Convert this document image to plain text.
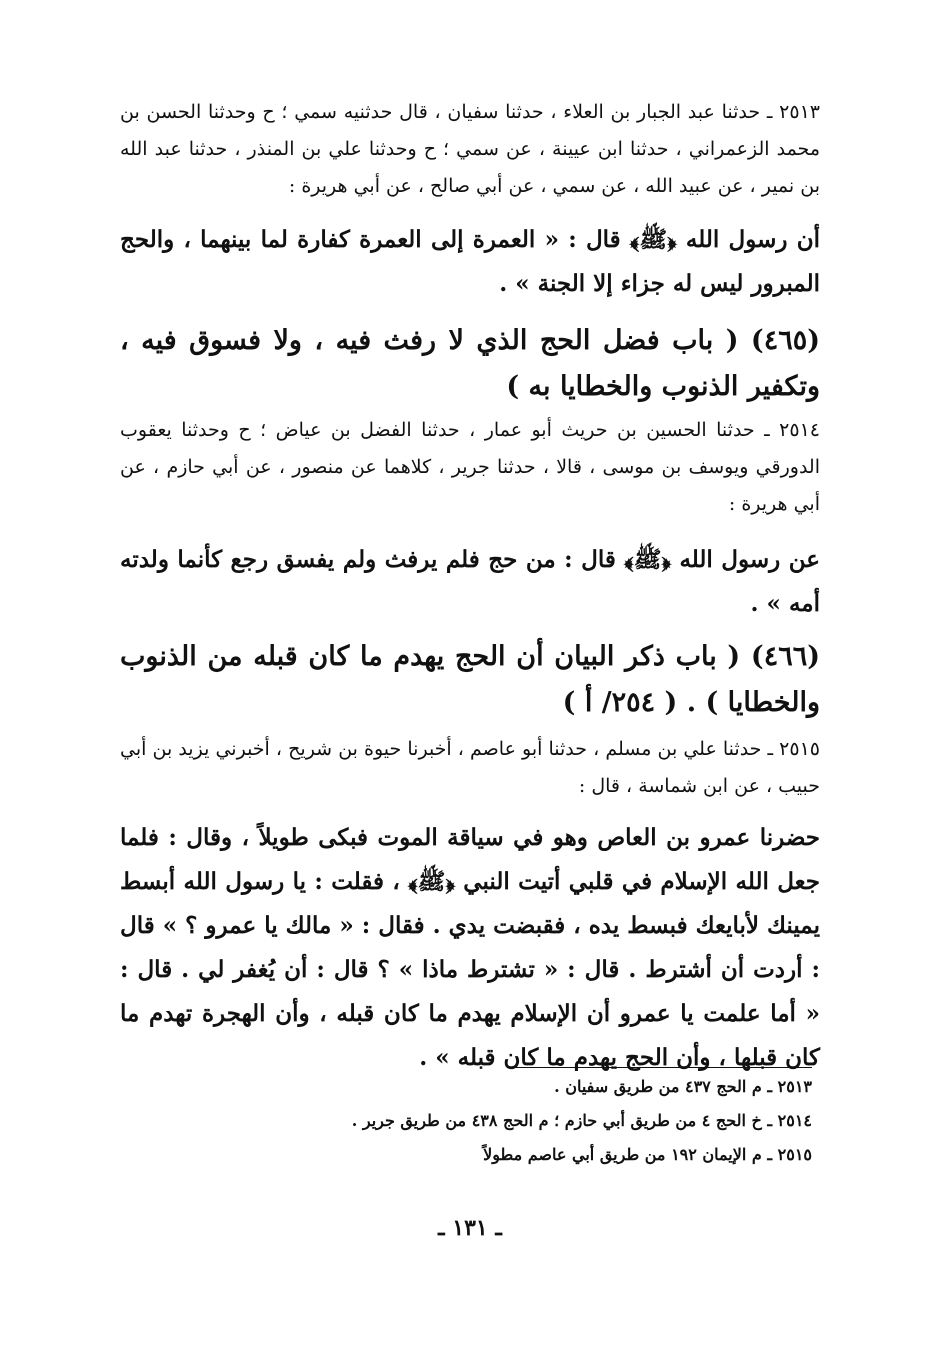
٢٥١٣ ـ حدثنا عبد الجبار بن العلاء ، حدثنا سفيان ، قال حدثنيه سمي ؛ ح وحدثنا الحسن بن محمد الزعمراني ، حدثنا ابن عيينة ، عن سمي ؛ ح وحدثنا علي بن المنذر ، حدثنا عبد الله بن نمير ، عن عبيد الله ، عن سمي ، عن أبي صالح ، عن أبي هريرة :

أن رسول الله ﴿ﷺ﴾ قال : « العمرة إلى العمرة كفارة لما بينهما ، والحج المبرور ليس له جزاء إلا الجنة » .

(٤٦٥) ( باب فضل الحج الذي لا رفث فيه ، ولا فسوق فيه ، وتكفير الذنوب والخطايا به )

٢٥١٤ ـ حدثنا الحسين بن حريث أبو عمار ، حدثنا الفضل بن عياض ؛ ح وحدثنا يعقوب الدورقي ويوسف بن موسى ، قالا ، حدثنا جرير ، كلاهما عن منصور ، عن أبي حازم ، عن أبي هريرة :

عن رسول الله ﴿ﷺ﴾ قال : من حج فلم يرفث ولم يفسق رجع كأنما ولدته أمه » .

(٤٦٦) ( باب ذكر البيان أن الحج يهدم ما كان قبله من الذنوب والخطايا ) . ( ٢٥٤/ أ )

٢٥١٥ ـ حدثنا علي بن مسلم ، حدثنا أبو عاصم ، أخبرنا حيوة بن شريح ، أخبرني يزيد بن أبي حبيب ، عن ابن شماسة ، قال :

حضرنا عمرو بن العاص وهو في سياقة الموت فبكى طويلاً ، وقال : فلما جعل الله الإسلام في قلبي أتيت النبي ﴿ﷺ﴾ ، فقلت : يا رسول الله أبسط يمينك لأبايعك فبسط يده ، فقبضت يدي . فقال : « مالك يا عمرو ؟ » قال : أردت أن أشترط . قال : « تشترط ماذا » ؟ قال : أن يُغفر لي . قال : « أما علمت يا عمرو أن الإسلام يهدم ما كان قبله ، وأن الهجرة تهدم ما كان قبلها ، وأن الحج يهدم ما كان قبله » .

٢٥١٣ ـ م الحج ٤٣٧ من طريق سفيان .
٢٥١٤ ـ خ الحج ٤ من طريق أبي حازم ؛ م الحج ٤٣٨ من طريق جرير .
٢٥١٥ ـ م الإيمان ١٩٢ من طريق أبي عاصم مطولاً
ـ ١٣١ ـ
